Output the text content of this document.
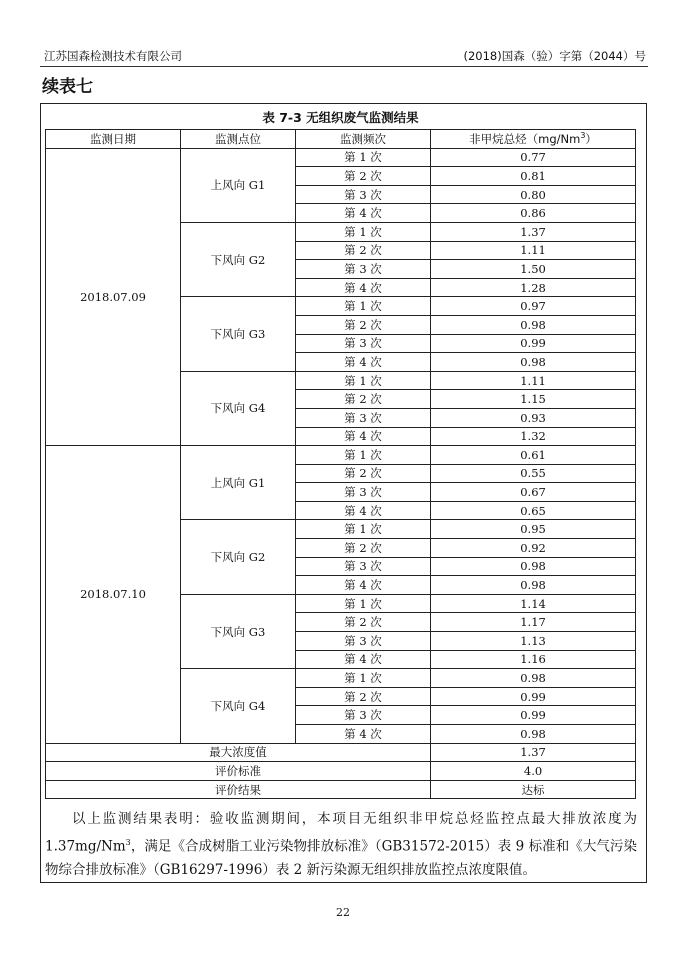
江苏国森检测技术有限公司	(2018)国森（验）字第（2044）号
续表七
表 7-3 无组织废气监测结果			
监测日期	监测点位	监测频次	非甲烷总烃（mg/Nm$^3$）
2018.07.09	上风向 G1	第 1 次	0.77
		第 2 次	0.81
		第 3 次	0.80
		第 4 次	0.86
	下风向 G2	第 1 次	1.37
		第 2 次	1.11
		第 3 次	1.50
		第 4 次	1.28
	下风向 G3	第 1 次	0.97
		第 2 次	0.98
		第 3 次	0.99
		第 4 次	0.98
	下风向 G4	第 1 次	1.11
		第 2 次	1.15
		第 3 次	0.93
		第 4 次	1.32
2018.07.10	上风向 G1	第 1 次	0.61
		第 2 次	0.55
		第 3 次	0.67
		第 4 次	0.65
	下风向 G2	第 1 次	0.95
		第 2 次	0.92
		第 3 次	0.98
		第 4 次	0.98
	下风向 G3	第 1 次	1.14
		第 2 次	1.17
		第 3 次	1.13
		第 4 次	1.16
	下风向 G4	第 1 次	0.98
		第 2 次	0.99
		第 3 次	0.99
		第 4 次	0.98
最大浓度值			1.37
评价标准			4.0
评价结果			达标

以上监测结果表明：验收监测期间，本项目无组织非甲烷总烃监控点最大排放浓度为 1.37mg/Nm$^3$，满足《合成树脂工业污染物排放标准》（GB31572-2015）表 9 标准和《大气污染物综合排放标准》（GB16297-1996）表 2 新污染源无组织排放监控点浓度限值。

22
